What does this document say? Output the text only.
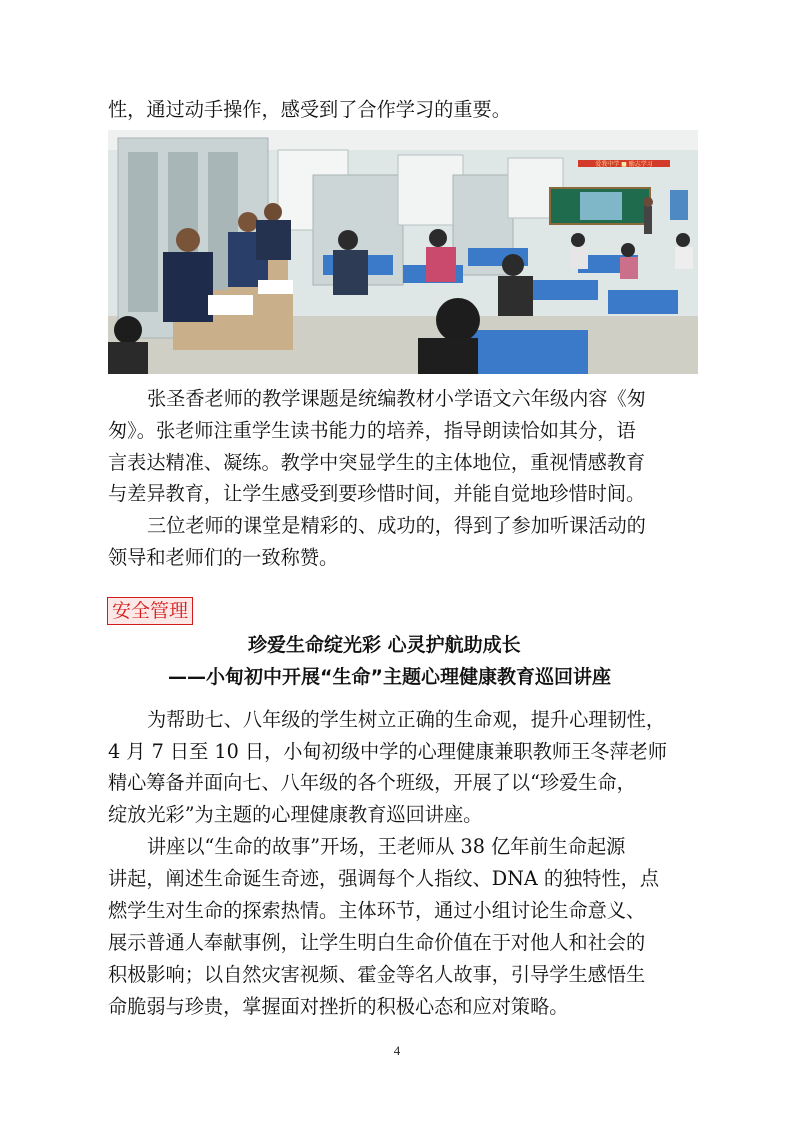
性，通过动手操作，感受到了合作学习的重要。
爱我中学 ■ 励志学习
张圣香老师的教学课题是统编教材小学语文六年级内容《匆
匆》。张老师注重学生读书能力的培养，指导朗读恰如其分，语
言表达精准、凝练。教学中突显学生的主体地位，重视情感教育
与差异教育，让学生感受到要珍惜时间，并能自觉地珍惜时间。
三位老师的课堂是精彩的、成功的，得到了参加听课活动的
领导和老师们的一致称赞。
安全管理
珍爱生命绽光彩 心灵护航助成长
——小甸初中开展“生命”主题心理健康教育巡回讲座
为帮助七、八年级的学生树立正确的生命观，提升心理韧性，
4 月 7 日至 10 日，小甸初级中学的心理健康兼职教师王冬萍老师
精心筹备并面向七、八年级的各个班级，开展了以“珍爱生命，
绽放光彩”为主题的心理健康教育巡回讲座。
讲座以“生命的故事”开场，王老师从 38 亿年前生命起源
讲起，阐述生命诞生奇迹，强调每个人指纹、DNA 的独特性，点
燃学生对生命的探索热情。主体环节，通过小组讨论生命意义、
展示普通人奉献事例，让学生明白生命价值在于对他人和社会的
积极影响；以自然灾害视频、霍金等名人故事，引导学生感悟生
命脆弱与珍贵，掌握面对挫折的积极心态和应对策略。
4
